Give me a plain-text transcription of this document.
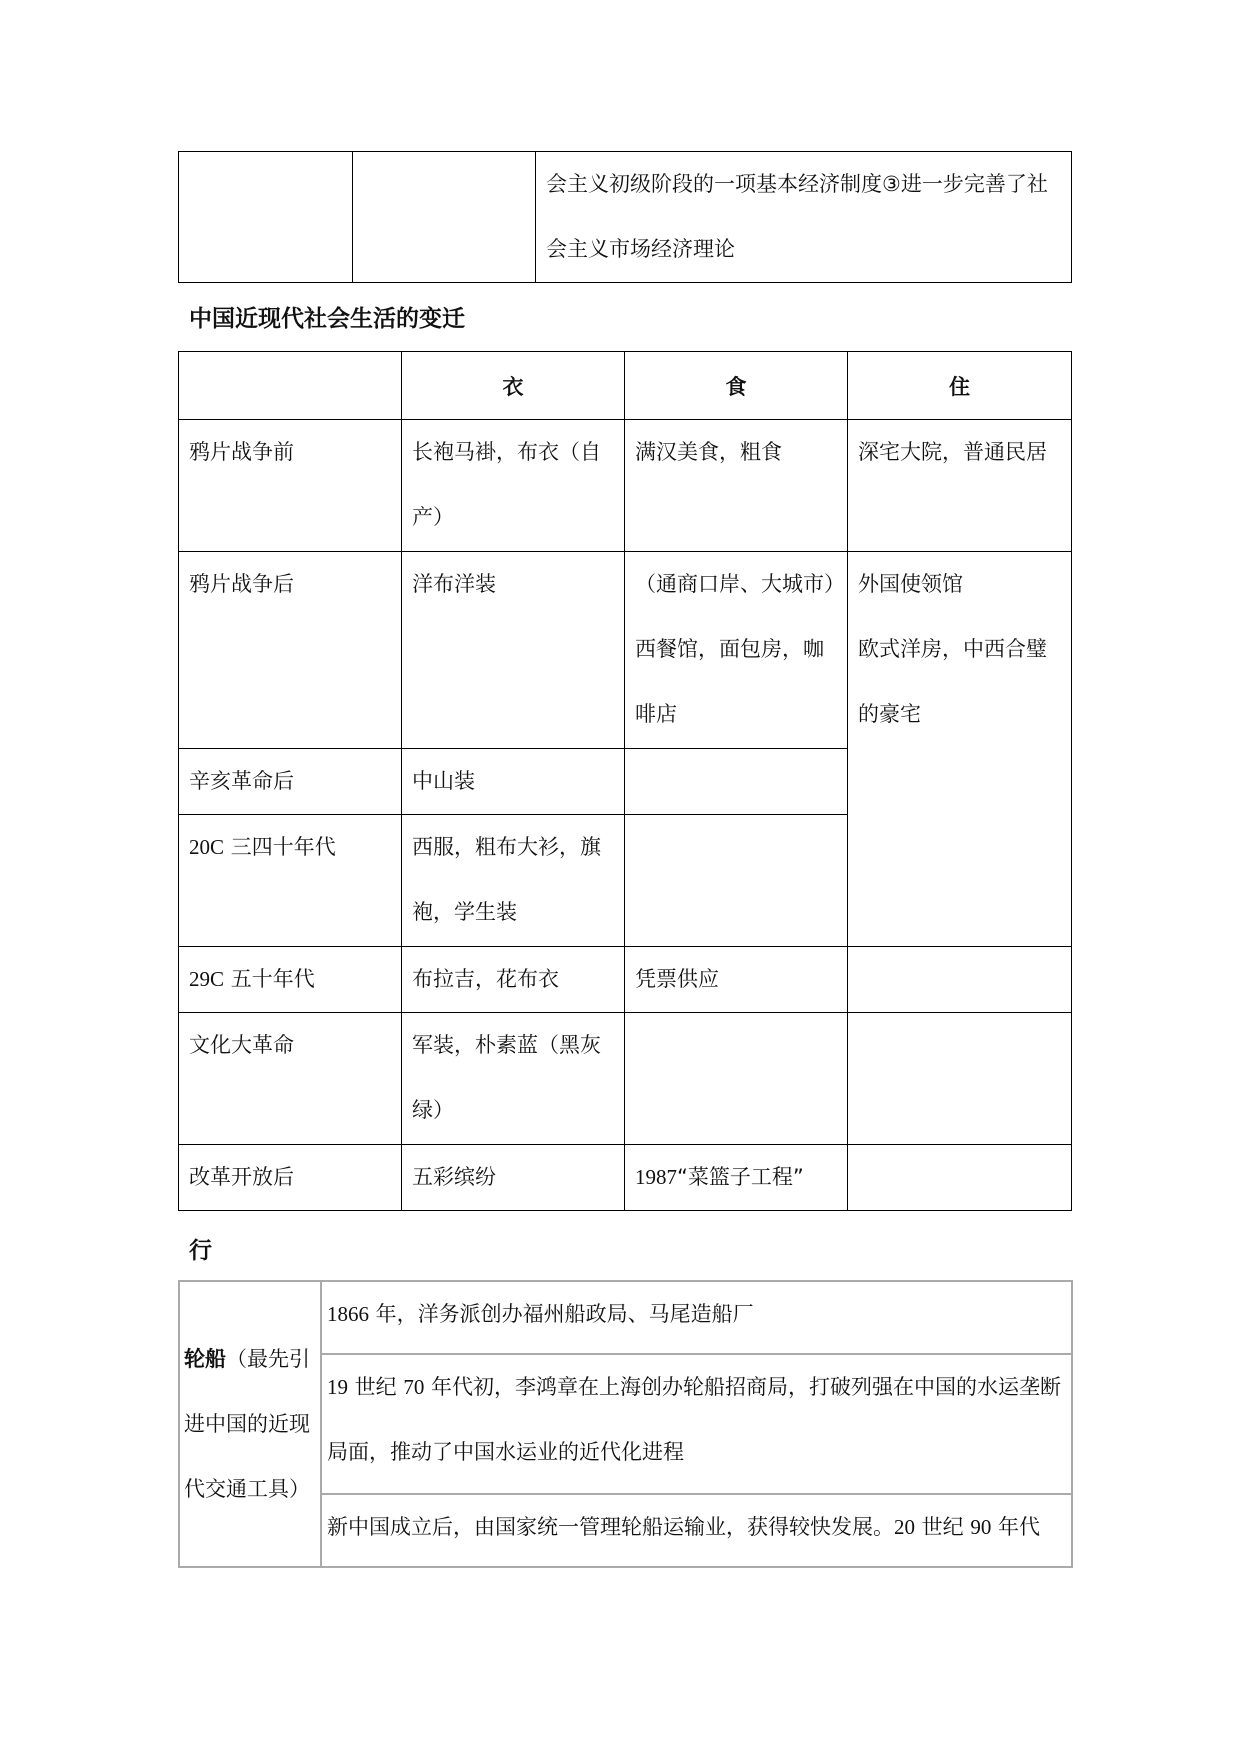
		会主义初级阶段的一项基本经济制度③进一步完善了社会主义市场经济理论
中国近现代社会生活的变迁
	衣	食	住
鸦片战争前	长袍马褂，布衣（自产）	满汉美食，粗食	深宅大院，普通民居
鸦片战争后	洋布洋装	（通商口岸、大城市）西餐馆，面包房，咖啡店	外国使领馆
欧式洋房，中西合璧的豪宅

辛亥革命后	中山装		
20C 三四十年代	西服，粗布大衫，旗袍，学生装		
29C 五十年代	布拉吉，花布衣	凭票供应	
文化大革命	军装，朴素蓝（黑灰绿）		
改革开放后	五彩缤纷	1987“菜篮子工程”	
行
轮船（最先引进中国的近现代交通工具）	1866 年，洋务派创办福州船政局、马尾造船厂
19 世纪 70 年代初，李鸿章在上海创办轮船招商局，打破列强在中国的水运垄断局面，推动了中国水运业的近代化进程
新中国成立后，由国家统一管理轮船运输业，获得较快发展。20 世纪 90 年代
